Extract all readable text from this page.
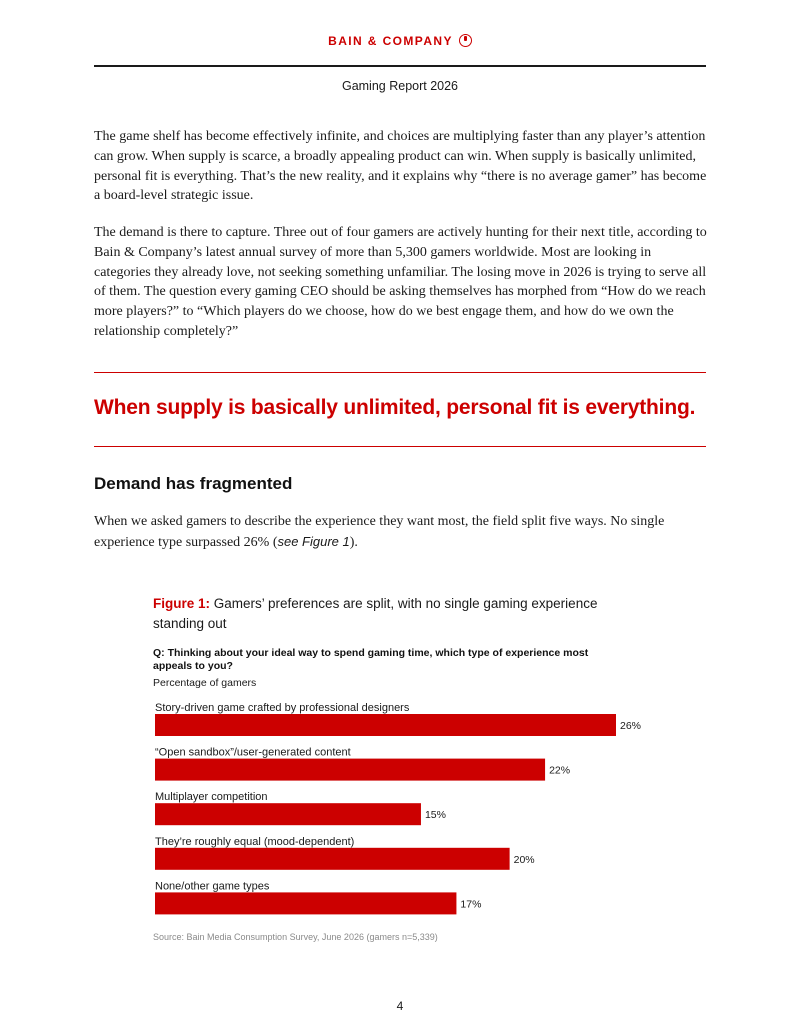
BAIN & COMPANY
Gaming Report 2026

The game shelf has become effectively infinite, and choices are multiplying faster than any player’s attention can grow. When supply is scarce, a broadly appealing product can win. When supply is basically unlimited, personal fit is everything. That’s the new reality, and it explains why “there is no average gamer” has become a board-level strategic issue.

The demand is there to capture. Three out of four gamers are actively hunting for their next title, according to Bain & Company’s latest annual survey of more than 5,300 gamers worldwide. Most are looking in categories they already love, not seeking something unfamiliar. The losing move in 2026 is trying to serve all of them. The question every gaming CEO should be asking themselves has morphed from “How do we reach more players?” to “Which players do we choose, how do we best engage them, and how do we own the relationship completely?”

When supply is basically unlimited, personal fit is everything.
Demand has fragmented

When we asked gamers to describe the experience they want most, the field split five ways. No single experience type surpassed 26% (see Figure 1).

Figure 1: Gamers’ preferences are split, with no single gaming experience standing out
Q: Thinking about your ideal way to spend gaming time, which type of experience most appeals to you?
Percentage of gamers
Story-driven game crafted by professional designers
26%
“Open sandbox”/user-generated content
22%
Multiplayer competition
15%
They’re roughly equal (mood-dependent)
20%
None/other game types
17%
Source: Bain Media Consumption Survey, June 2026 (gamers n=5,339)
4
